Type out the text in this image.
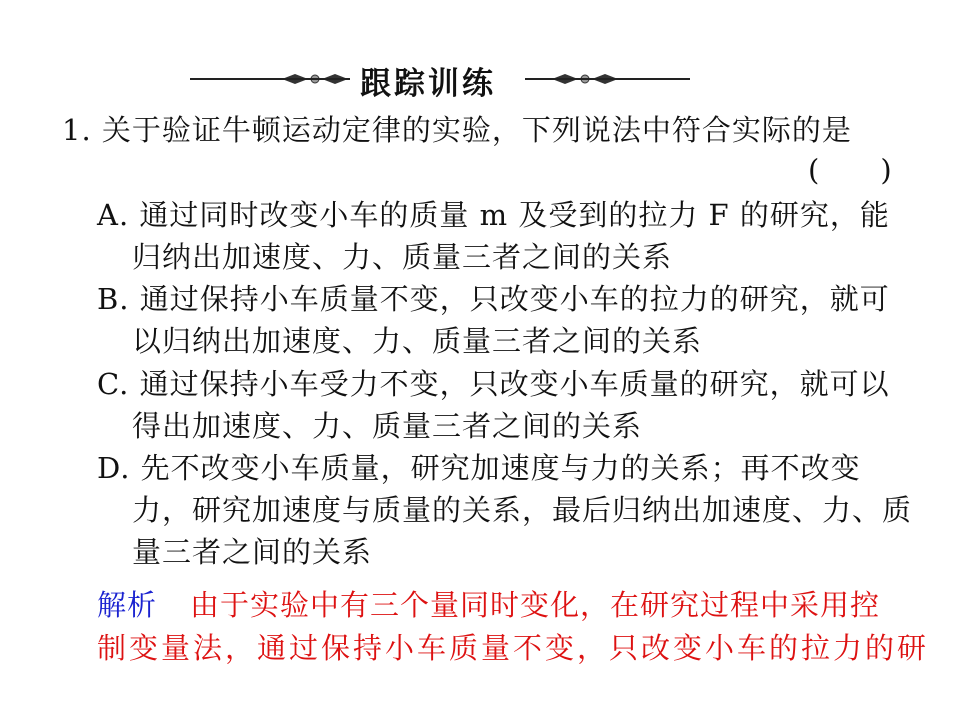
跟踪训练
1. 关于验证牛顿运动定律的实验，下列说法中符合实际的是
(　　)
A. 通过同时改变小车的质量 m 及受到的拉力 F 的研究，能
归纳出加速度、力、质量三者之间的关系
B. 通过保持小车质量不变，只改变小车的拉力的研究，就可
以归纳出加速度、力、质量三者之间的关系
C. 通过保持小车受力不变，只改变小车质量的研究，就可以
得出加速度、力、质量三者之间的关系
D. 先不改变小车质量，研究加速度与力的关系；再不改变
力，研究加速度与质量的关系，最后归纳出加速度、力、质
量三者之间的关系
解析 由于实验中有三个量同时变化，在研究过程中采用控
制变量法，通过保持小车质量不变，只改变小车的拉力的研
